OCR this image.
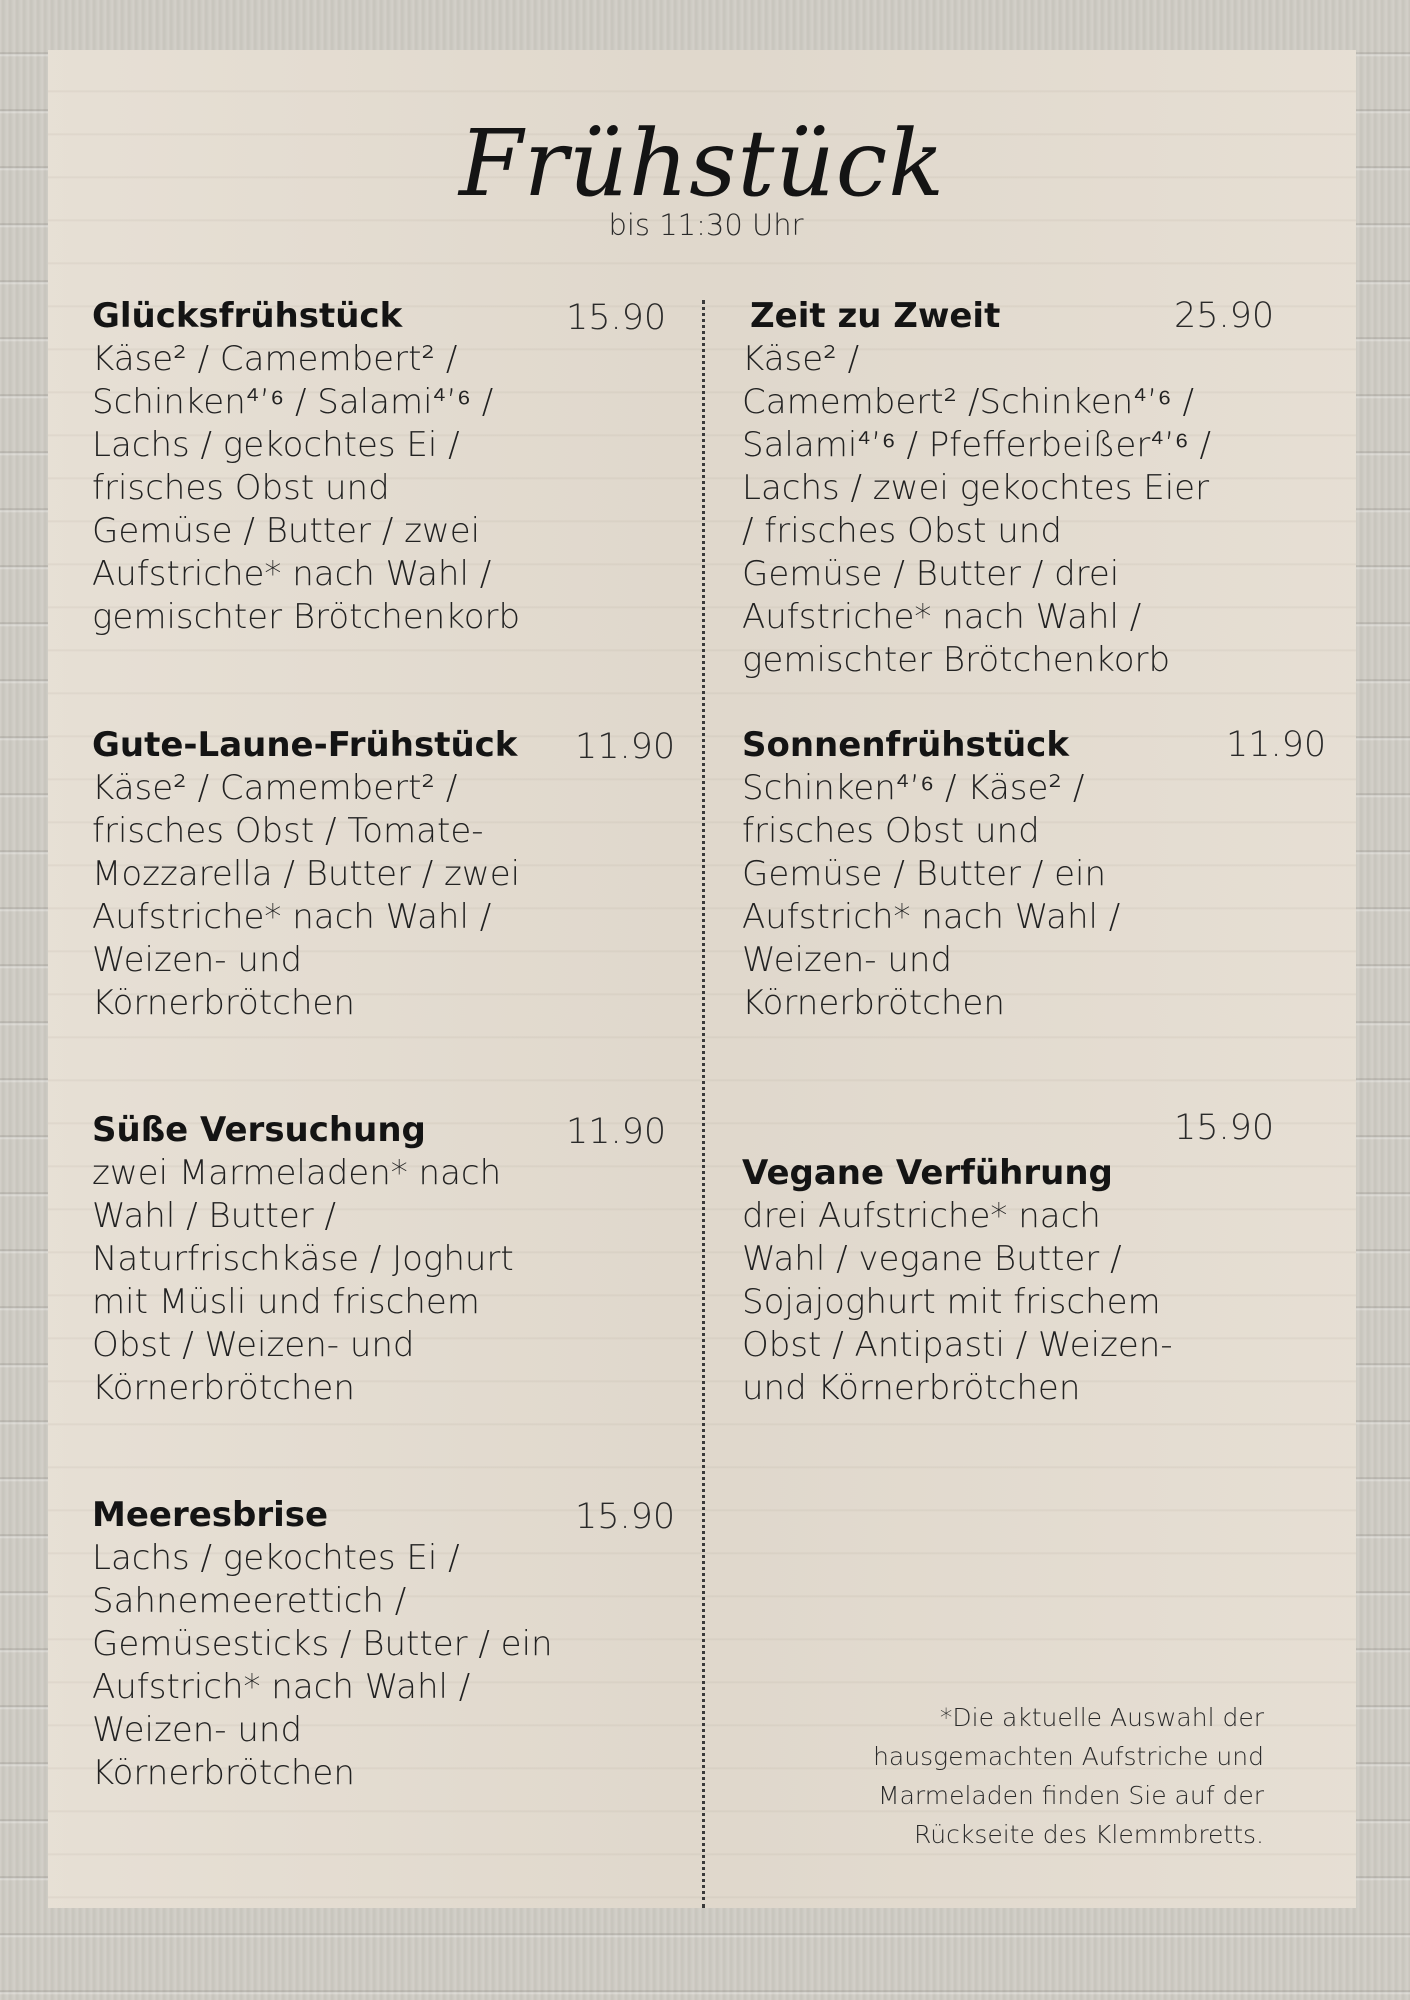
Frühstück
bis 11:30 Uhr
Glücksfrühstück	15.90
Käse² / Camembert² /
Schinken⁴’⁶ / Salami⁴’⁶ /
Lachs / gekochtes Ei /
frisches Obst und
Gemüse / Butter / zwei
Aufstriche* nach Wahl /
gemischter Brötchenkorb
Zeit zu Zweit	25.90
Käse² /
Camembert² /Schinken⁴’⁶ /
Salami⁴’⁶ / Pfefferbeißer⁴’⁶ /
Lachs / zwei gekochtes Eier
/ frisches Obst und
Gemüse / Butter / drei
Aufstriche* nach Wahl /
gemischter Brötchenkorb
Gute-Laune-Frühstück 11.90
Käse² / Camembert² /
frisches Obst / Tomate-
Mozzarella / Butter / zwei
Aufstriche* nach Wahl /
Weizen- und
Körnerbrötchen
Sonnenfrühstück	11.90
Schinken⁴’⁶ / Käse² /
frisches Obst und
Gemüse / Butter / ein
Aufstrich* nach Wahl /
Weizen- und
Körnerbrötchen
Süße Versuchung	11.90
zwei Marmeladen* nach
Wahl / Butter /
Naturfrischkäse / Joghurt
mit Müsli und frischem
Obst / Weizen- und
Körnerbrötchen
Vegane Verführung
15.90
drei Aufstriche* nach
Wahl / vegane Butter /
Sojajoghurt mit frischem
Obst / Antipasti / Weizen-
und Körnerbrötchen
Meeresbrise	15.90
Lachs / gekochtes Ei /
Sahnemeerettich /
Gemüsesticks / Butter / ein
Aufstrich* nach Wahl /
Weizen- und
Körnerbrötchen
*Die aktuelle Auswahl der
hausgemachten Aufstriche und
Marmeladen finden Sie auf der
Rückseite des Klemmbretts.
